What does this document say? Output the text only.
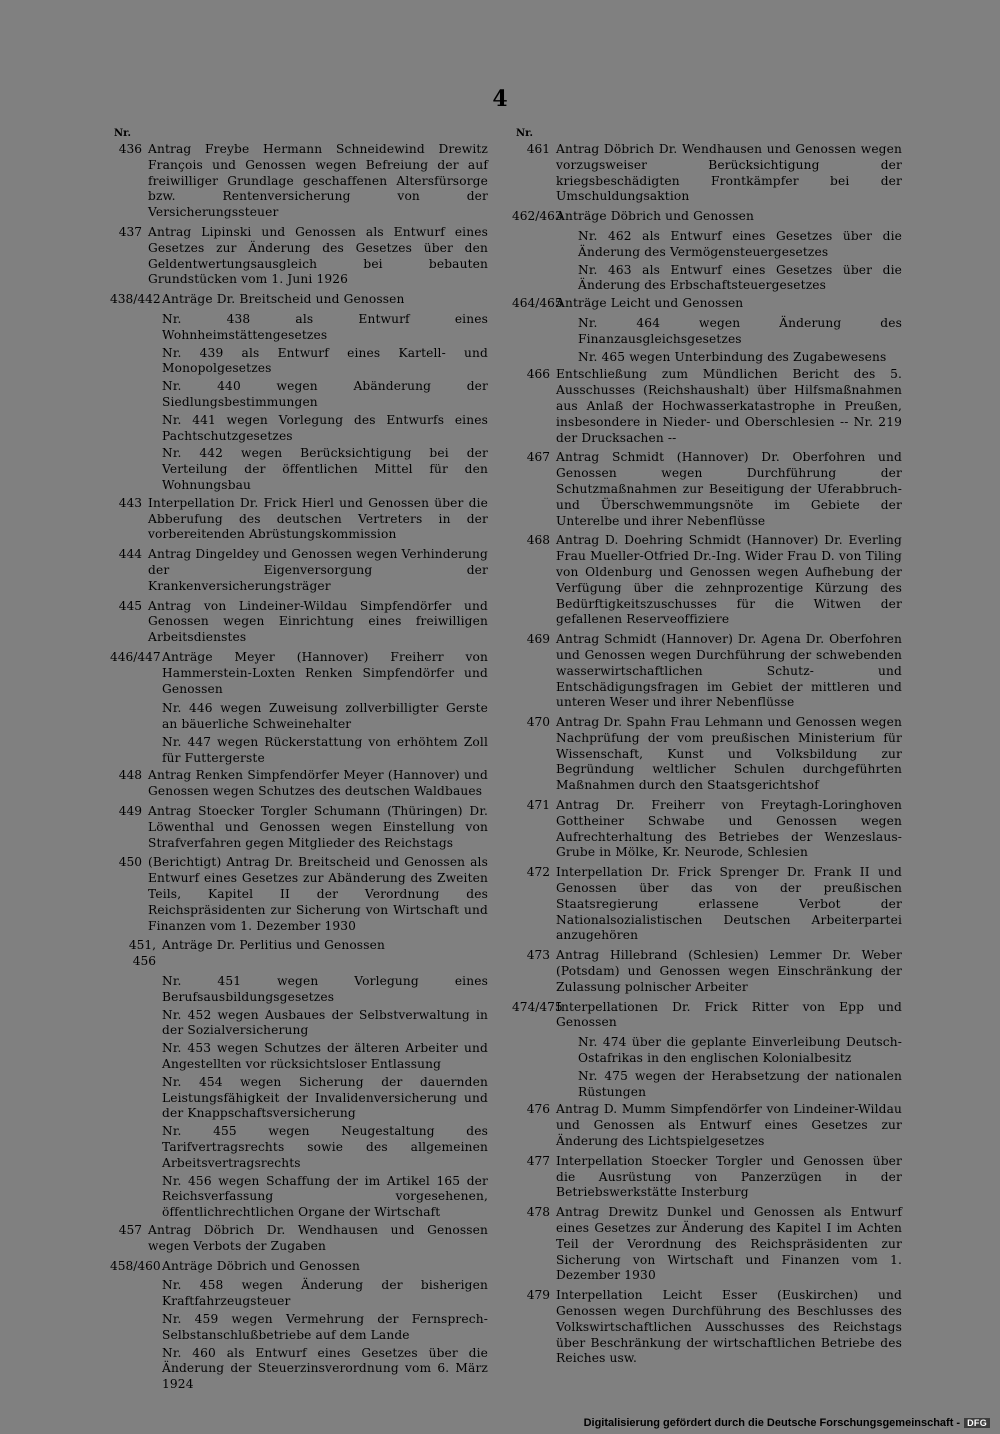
4
Nr.
436 Antrag Freybe Hermann Schneidewind Drewitz François und Genossen wegen Befreiung der auf freiwilliger Grundlage geschaffenen Altersfürsorge bzw. Rentenversicherung von der Versicherungssteuer
437 Antrag Lipinski und Genossen als Entwurf eines Gesetzes zur Änderung des Gesetzes über den Geldentwertungsausgleich bei bebauten Grundstücken vom 1. Juni 1926
438/442 Anträge Dr. Breitscheid und Genossen
Nr. 438 als Entwurf eines Wohnheimstättengesetzes
Nr. 439 als Entwurf eines Kartell- und Monopolgesetzes
Nr. 440 wegen Abänderung der Siedlungsbestimmungen
Nr. 441 wegen Vorlegung des Entwurfs eines Pachtschutzgesetzes
Nr. 442 wegen Berücksichtigung bei der Verteilung der öffentlichen Mittel für den Wohnungsbau
443 Interpellation Dr. Frick Hierl und Genossen über die Abberufung des deutschen Vertreters in der vorbereitenden Abrüstungskommission
444 Antrag Dingeldey und Genossen wegen Verhinderung der Eigenversorgung der Krankenversicherungsträger
445 Antrag von Lindeiner-Wildau Simpfendörfer und Genossen wegen Einrichtung eines freiwilligen Arbeitsdienstes
446/447 Anträge Meyer (Hannover) Freiherr von Hammerstein-Loxten Renken Simpfendörfer und Genossen
Nr. 446 wegen Zuweisung zollverbilligter Gerste an bäuerliche Schweinehalter
Nr. 447 wegen Rückerstattung von erhöhtem Zoll für Futtergerste
448 Antrag Renken Simpfendörfer Meyer (Hannover) und Genossen wegen Schutzes des deutschen Waldbaues
449 Antrag Stoecker Torgler Schumann (Thüringen) Dr. Löwenthal und Genossen wegen Einstellung von Strafverfahren gegen Mitglieder des Reichstags
450 (Berichtigt) Antrag Dr. Breitscheid und Genossen als Entwurf eines Gesetzes zur Abänderung des Zweiten Teils, Kapitel II der Verordnung des Reichspräsidenten zur Sicherung von Wirtschaft und Finanzen vom 1. Dezember 1930
451, 456
Anträge Dr. Perlitius und Genossen
Nr. 451 wegen Vorlegung eines Berufsausbildungsgesetzes
Nr. 452 wegen Ausbaues der Selbstverwaltung in der Sozialversicherung
Nr. 453 wegen Schutzes der älteren Arbeiter und Angestellten vor rücksichtsloser Entlassung
Nr. 454 wegen Sicherung der dauernden Leistungsfähigkeit der Invalidenversicherung und der Knappschaftsversicherung
Nr. 455 wegen Neugestaltung des Tarifvertragsrechts sowie des allgemeinen Arbeitsvertragsrechts
Nr. 456 wegen Schaffung der im Artikel 165 der Reichsverfassung vorgesehenen, öffentlichrechtlichen Organe der Wirtschaft
457 Antrag Döbrich Dr. Wendhausen und Genossen wegen Verbots der Zugaben
458/460 Anträge Döbrich und Genossen
Nr. 458 wegen Änderung der bisherigen Kraftfahrzeugsteuer
Nr. 459 wegen Vermehrung der Fernsprech-Selbstanschlußbetriebe auf dem Lande
Nr. 460 als Entwurf eines Gesetzes über die Änderung der Steuerzinsverordnung vom 6. März 1924
Nr.
461 Antrag Döbrich Dr. Wendhausen und Genossen wegen vorzugsweiser Berücksichtigung der kriegsbeschädigten Frontkämpfer bei der Umschuldungsaktion
462/463
Anträge Döbrich und Genossen
Nr. 462 als Entwurf eines Gesetzes über die Änderung des Vermögensteuergesetzes
Nr. 463 als Entwurf eines Gesetzes über die Änderung des Erbschaftsteuergesetzes
464/465
Anträge Leicht und Genossen
Nr. 464 wegen Änderung des Finanzausgleichsgesetzes
Nr. 465 wegen Unterbindung des Zugabewesens
466 Entschließung zum Mündlichen Bericht des 5. Ausschusses (Reichshaushalt) über Hilfsmaßnahmen aus Anlaß der Hochwasserkatastrophe in Preußen, insbesondere in Nieder- und Oberschlesien -- Nr. 219 der Drucksachen --
467 Antrag Schmidt (Hannover) Dr. Oberfohren und Genossen wegen Durchführung der Schutzmaßnahmen zur Beseitigung der Uferabbruch- und Überschwemmungsnöte im Gebiete der Unterelbe und ihrer Nebenflüsse
468 Antrag D. Doehring Schmidt (Hannover) Dr. Everling Frau Mueller-Otfried Dr.-Ing. Wider Frau D. von Tiling von Oldenburg und Genossen wegen Aufhebung der Verfügung über die zehnprozentige Kürzung des Bedürftigkeitszuschusses für die Witwen der gefallenen Reserveoffiziere
469 Antrag Schmidt (Hannover) Dr. Agena Dr. Oberfohren und Genossen wegen Durchführung der schwebenden wasserwirtschaftlichen Schutz- und Entschädigungsfragen im Gebiet der mittleren und unteren Weser und ihrer Nebenflüsse
470 Antrag Dr. Spahn Frau Lehmann und Genossen wegen Nachprüfung der vom preußischen Ministerium für Wissenschaft, Kunst und Volksbildung zur Begründung weltlicher Schulen durchgeführten Maßnahmen durch den Staatsgerichtshof
471 Antrag Dr. Freiherr von Freytagh-Loringhoven Gottheiner Schwabe und Genossen wegen Aufrechterhaltung des Betriebes der Wenzeslaus-Grube in Mölke, Kr. Neurode, Schlesien
472 Interpellation Dr. Frick Sprenger Dr. Frank II und Genossen über das von der preußischen Staatsregierung erlassene Verbot der Nationalsozialistischen Deutschen Arbeiterpartei anzugehören
473 Antrag Hillebrand (Schlesien) Lemmer Dr. Weber (Potsdam) und Genossen wegen Einschränkung der Zulassung polnischer Arbeiter
474/475
Interpellationen Dr. Frick Ritter von Epp und Genossen
Nr. 474 über die geplante Einverleibung Deutsch-Ostafrikas in den englischen Kolonialbesitz
Nr. 475 wegen der Herabsetzung der nationalen Rüstungen
476 Antrag D. Mumm Simpfendörfer von Lindeiner-Wildau und Genossen als Entwurf eines Gesetzes zur Änderung des Lichtspielgesetzes
477 Interpellation Stoecker Torgler und Genossen über die Ausrüstung von Panzerzügen in der Betriebswerkstätte Insterburg
478 Antrag Drewitz Dunkel und Genossen als Entwurf eines Gesetzes zur Änderung des Kapitel I im Achten Teil der Verordnung des Reichspräsidenten zur Sicherung von Wirtschaft und Finanzen vom 1. Dezember 1930
479 Interpellation Leicht Esser (Euskirchen) und Genossen wegen Durchführung des Beschlusses des Volkswirtschaftlichen Ausschusses des Reichstags über Beschränkung der wirtschaftlichen Betriebe des Reiches usw.
Digitalisierung gefördert durch die Deutsche Forschungsgemeinschaft - DFG
